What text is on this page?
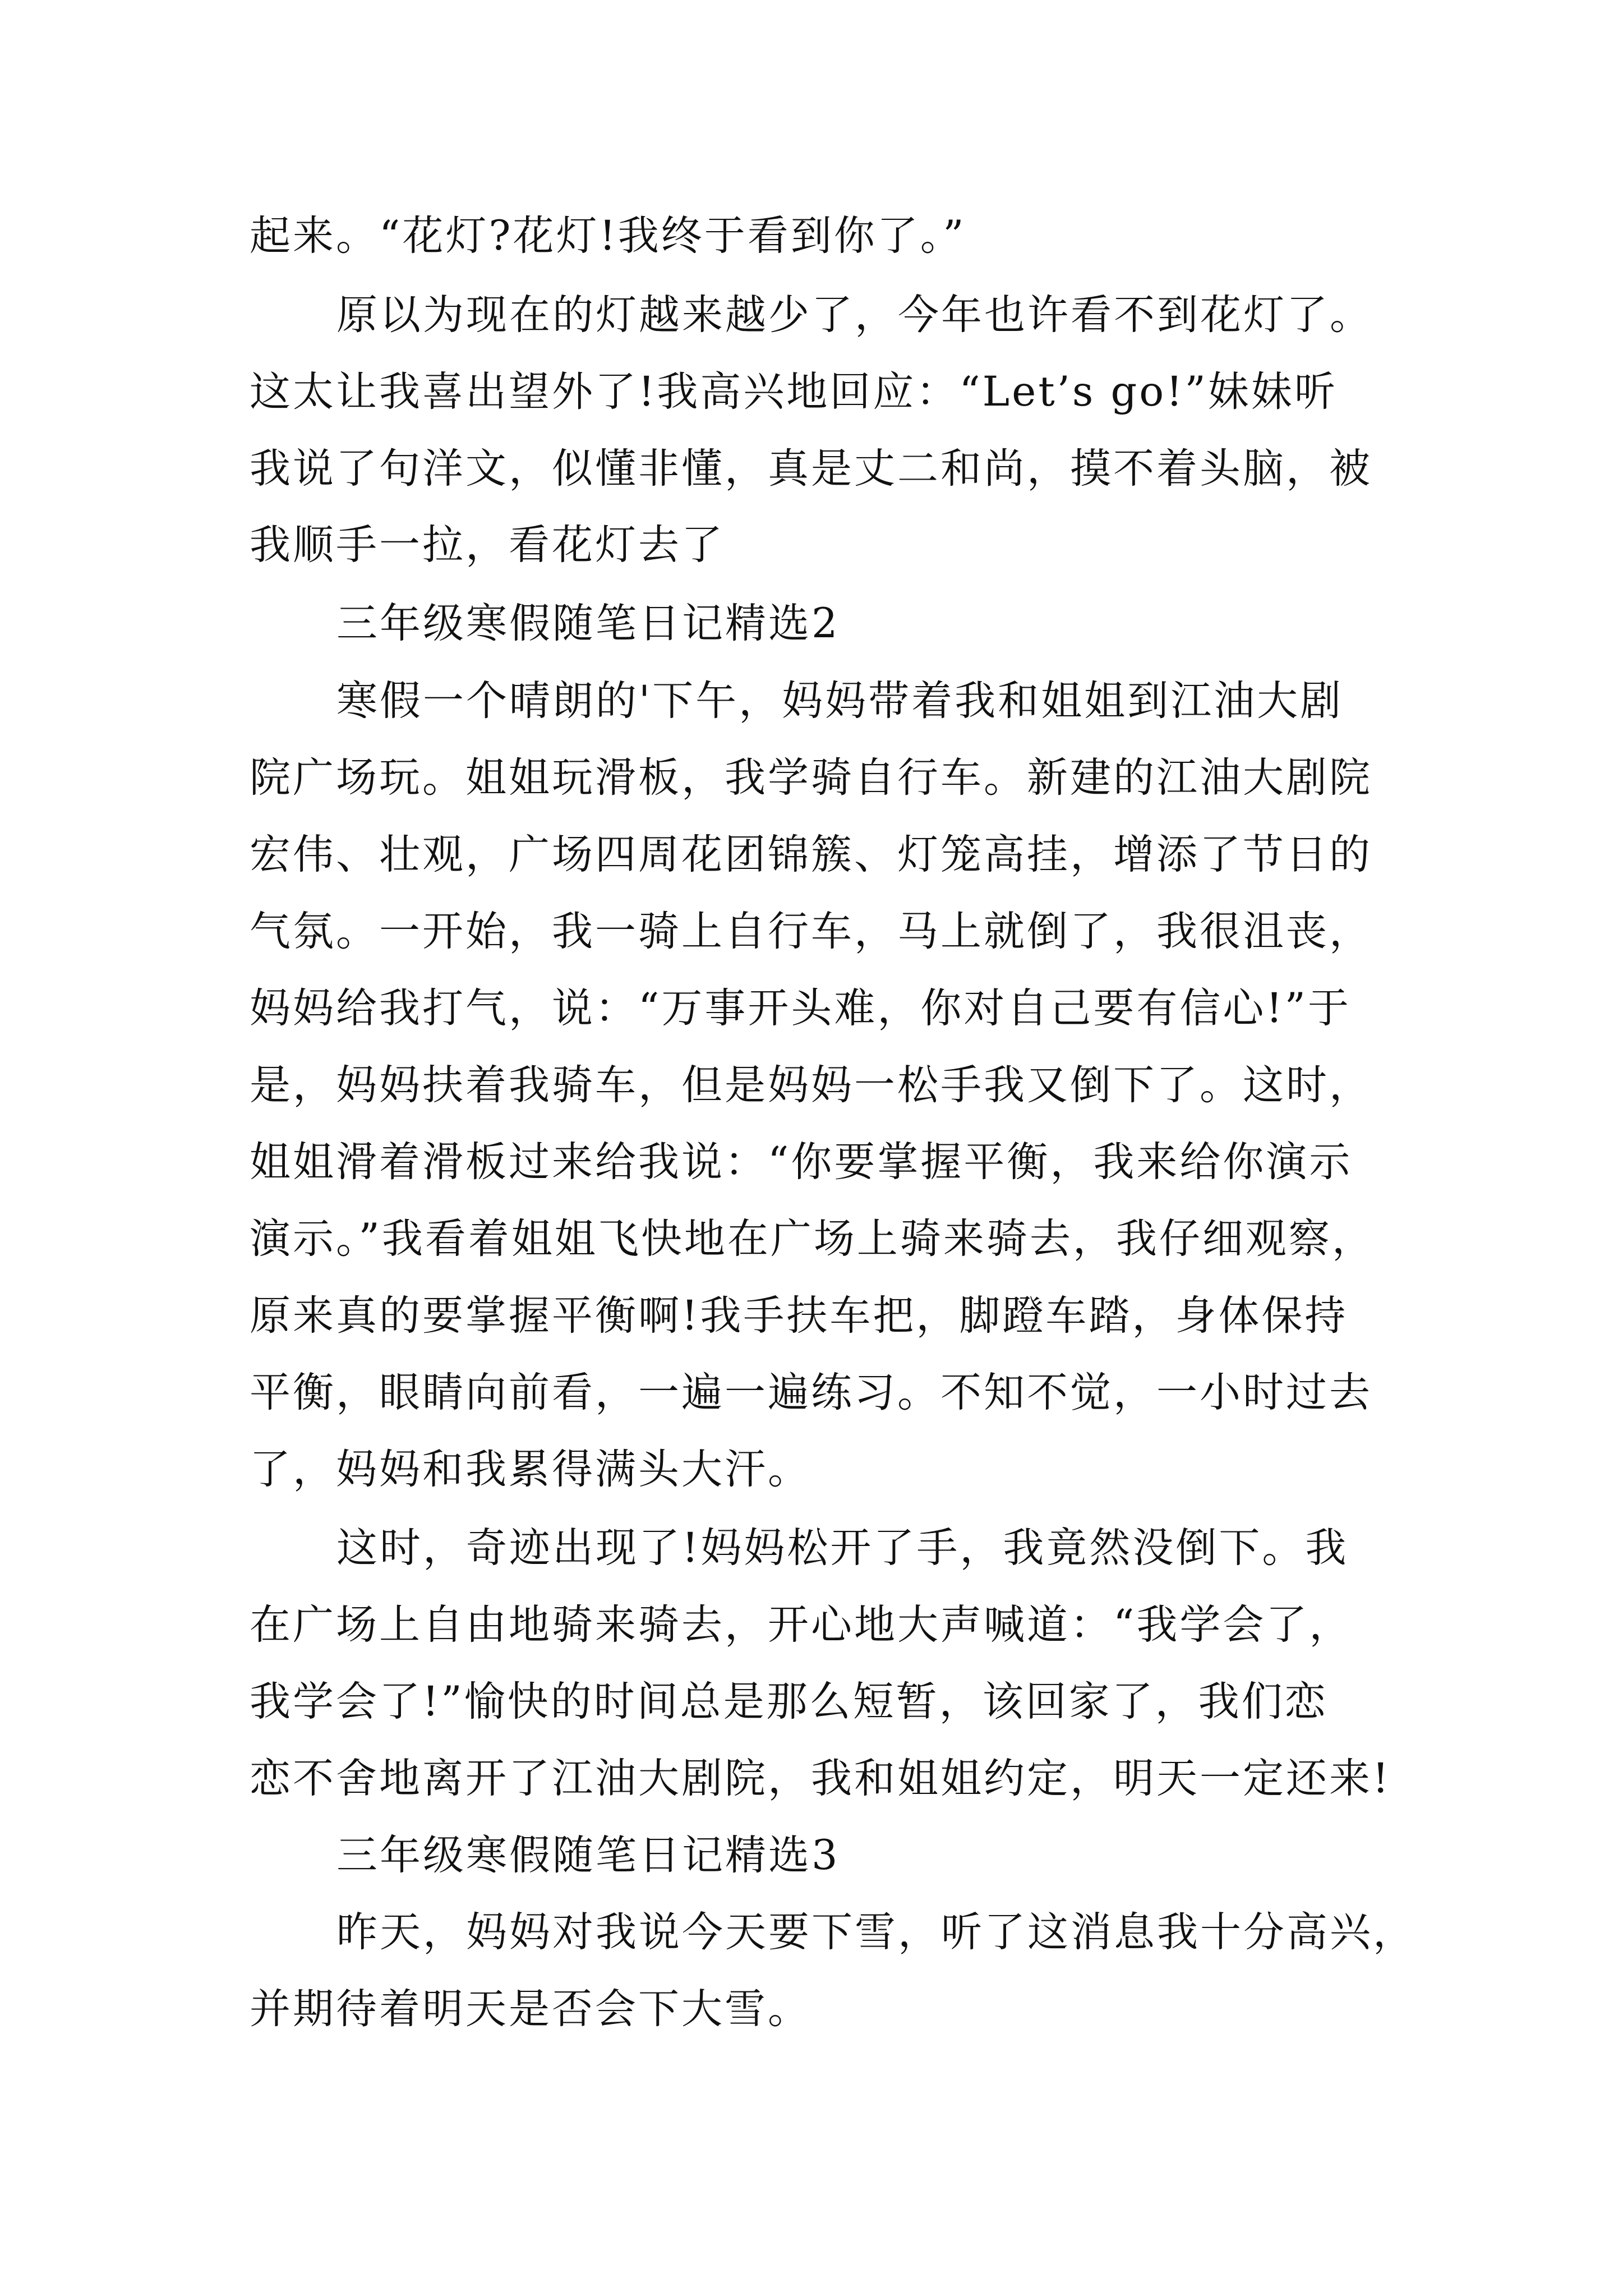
起来。“花灯?花灯!我终于看到你了。”
原以为现在的灯越来越少了，今年也许看不到花灯了。
这太让我喜出望外了!我高兴地回应：“Let’s go!”妹妹听
我说了句洋文，似懂非懂，真是丈二和尚，摸不着头脑，被
我顺手一拉，看花灯去了
三年级寒假随笔日记精选2
寒假一个晴朗的'下午，妈妈带着我和姐姐到江油大剧
院广场玩。姐姐玩滑板，我学骑自行车。新建的江油大剧院
宏伟、壮观，广场四周花团锦簇、灯笼高挂，增添了节日的
气氛。一开始，我一骑上自行车，马上就倒了，我很沮丧，
妈妈给我打气，说：“万事开头难，你对自己要有信心!”于
是，妈妈扶着我骑车，但是妈妈一松手我又倒下了。这时，
姐姐滑着滑板过来给我说：“你要掌握平衡，我来给你演示
演示。”我看着姐姐飞快地在广场上骑来骑去，我仔细观察，
原来真的要掌握平衡啊!我手扶车把，脚蹬车踏，身体保持
平衡，眼睛向前看，一遍一遍练习。不知不觉，一小时过去
了，妈妈和我累得满头大汗。
这时，奇迹出现了!妈妈松开了手，我竟然没倒下。我
在广场上自由地骑来骑去，开心地大声喊道：“我学会了，
我学会了!”愉快的时间总是那么短暂，该回家了，我们恋
恋不舍地离开了江油大剧院，我和姐姐约定，明天一定还来!
三年级寒假随笔日记精选3
昨天，妈妈对我说今天要下雪，听了这消息我十分高兴，
并期待着明天是否会下大雪。
